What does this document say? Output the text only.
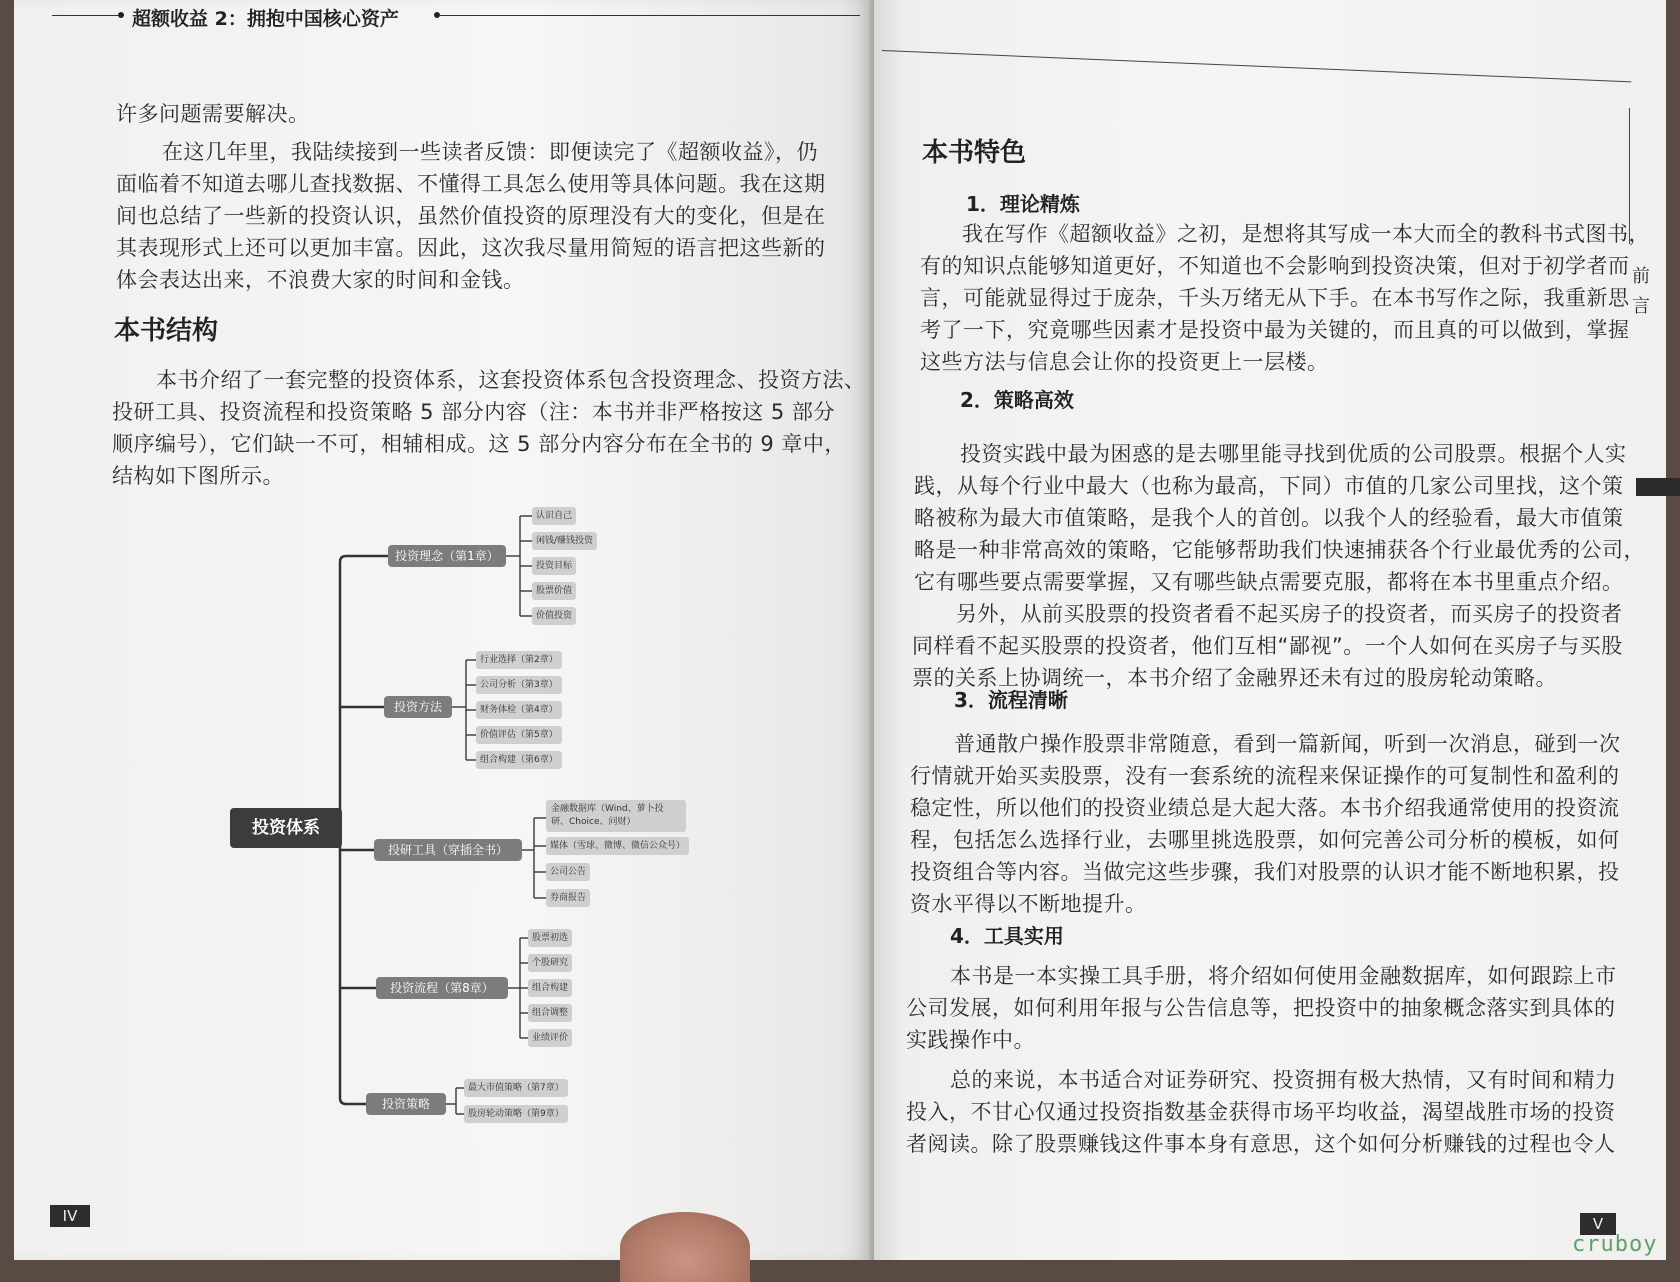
超额收益 2：拥抱中国核心资产
许多问题需要解决。
在这几年里，我陆续接到一些读者反馈：即便读完了《超额收益》，仍
面临着不知道去哪儿查找数据、不懂得工具怎么使用等具体问题。我在这期
间也总结了一些新的投资认识，虽然价值投资的原理没有大的变化，但是在
其表现形式上还可以更加丰富。因此，这次我尽量用简短的语言把这些新的
体会表达出来，不浪费大家的时间和金钱。
本书结构
本书介绍了一套完整的投资体系，这套投资体系包含投资理念、投资方法、
投研工具、投资流程和投资策略 5 部分内容（注：本书并非严格按这 5 部分
顺序编号），它们缺一不可，相辅相成。这 5 部分内容分布在全书的 9 章中，
结构如下图所示。
投资体系
投资理念（第1章）
认识自己
闲钱/赚钱投资
投资目标
股票价值
价值投资
投资方法
行业选择（第2章）
公司分析（第3章）
财务体检（第4章）
价值评估（第5章）
组合构建（第6章）
投研工具（穿插全书）
金融数据库（Wind、萝卜投研、Choice、问财）
媒体（雪球、微博、微信公众号）
公司公告
券商报告
投资流程（第8章）
股票初选
个股研究
组合构建
组合调整
业绩评价
投资策略
最大市值策略（第7章）
股房轮动策略（第9章）
IV
前言
本书特色
1．理论精炼
我在写作《超额收益》之初，是想将其写成一本大而全的教科书式图书，
有的知识点能够知道更好，不知道也不会影响到投资决策，但对于初学者而
言，可能就显得过于庞杂，千头万绪无从下手。在本书写作之际，我重新思
考了一下，究竟哪些因素才是投资中最为关键的，而且真的可以做到，掌握
这些方法与信息会让你的投资更上一层楼。
2．策略高效
投资实践中最为困惑的是去哪里能寻找到优质的公司股票。根据个人实
践，从每个行业中最大（也称为最高，下同）市值的几家公司里找，这个策
略被称为最大市值策略，是我个人的首创。以我个人的经验看，最大市值策
略是一种非常高效的策略，它能够帮助我们快速捕获各个行业最优秀的公司，
它有哪些要点需要掌握，又有哪些缺点需要克服，都将在本书里重点介绍。
另外，从前买股票的投资者看不起买房子的投资者，而买房子的投资者
同样看不起买股票的投资者，他们互相“鄙视”。一个人如何在买房子与买股
票的关系上协调统一，本书介绍了金融界还未有过的股房轮动策略。
3．流程清晰
普通散户操作股票非常随意，看到一篇新闻，听到一次消息，碰到一次
行情就开始买卖股票，没有一套系统的流程来保证操作的可复制性和盈利的
稳定性，所以他们的投资业绩总是大起大落。本书介绍我通常使用的投资流
程，包括怎么选择行业，去哪里挑选股票，如何完善公司分析的模板，如何
投资组合等内容。当做完这些步骤，我们对股票的认识才能不断地积累，投
资水平得以不断地提升。
4．工具实用
本书是一本实操工具手册，将介绍如何使用金融数据库，如何跟踪上市
公司发展，如何利用年报与公告信息等，把投资中的抽象概念落实到具体的
实践操作中。
总的来说，本书适合对证券研究、投资拥有极大热情，又有时间和精力
投入，不甘心仅通过投资指数基金获得市场平均收益，渴望战胜市场的投资
者阅读。除了股票赚钱这件事本身有意思，这个如何分析赚钱的过程也令人
V
cruboy
